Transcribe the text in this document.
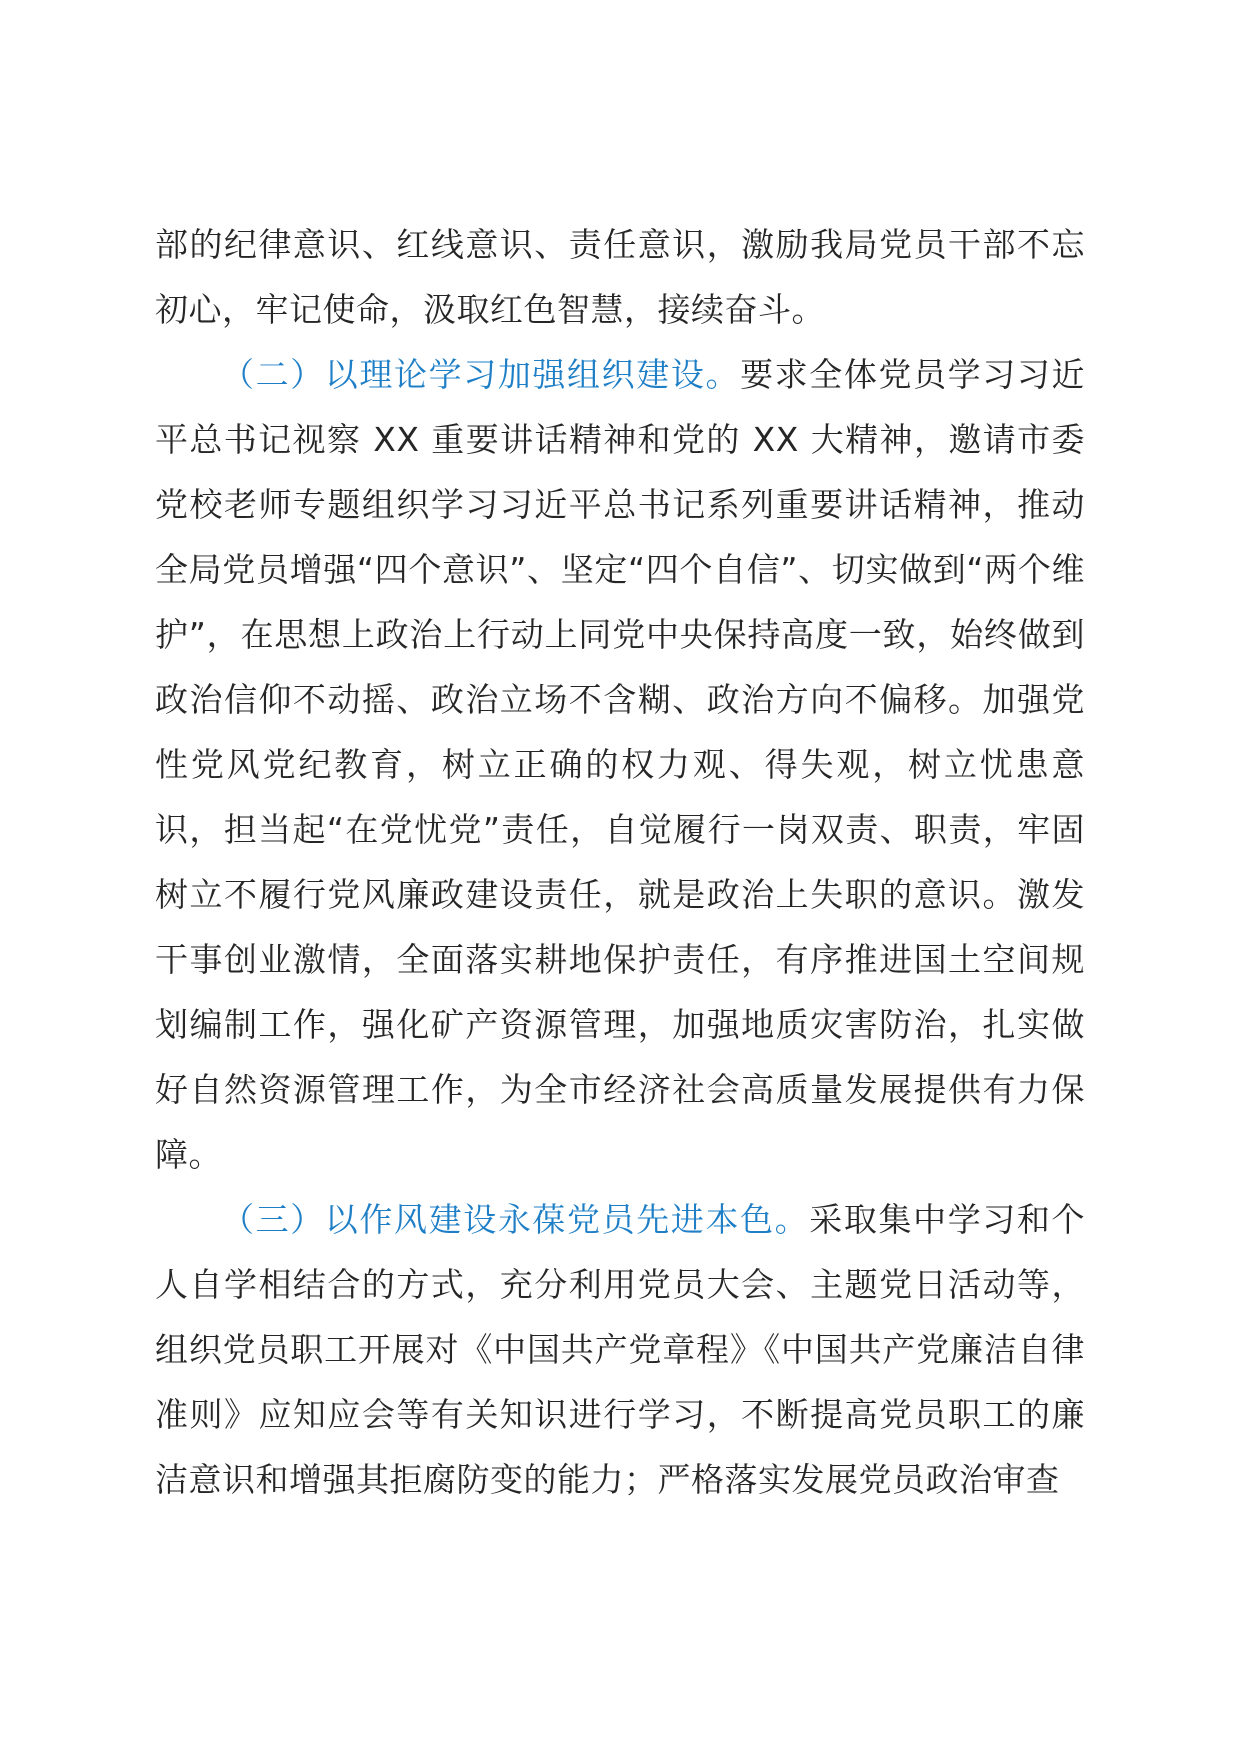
部的纪律意识、红线意识、责任意识，激励我局党员干部不忘初心，牢记使命，汲取红色智慧，接续奋斗。

（二）以理论学习加强组织建设。要求全体党员学习习近平总书记视察 XX 重要讲话精神和党的 XX 大精神，邀请市委党校老师专题组织学习习近平总书记系列重要讲话精神，推动全局党员增强“四个意识”、坚定“四个自信”、切实做到“两个维护”，在思想上政治上行动上同党中央保持高度一致，始终做到政治信仰不动摇、政治立场不含糊、政治方向不偏移。加强党性党风党纪教育，树立正确的权力观、得失观，树立忧患意识，担当起“在党忧党”责任，自觉履行一岗双责、职责，牢固树立不履行党风廉政建设责任，就是政治上失职的意识。激发干事创业激情，全面落实耕地保护责任，有序推进国土空间规划编制工作，强化矿产资源管理，加强地质灾害防治，扎实做好自然资源管理工作，为全市经济社会高质量发展提供有力保障。

（三）以作风建设永葆党员先进本色。采取集中学习和个人自学相结合的方式，充分利用党员大会、主题党日活动等，组织党员职工开展对《中国共产党章程》《中国共产党廉洁自律准则》应知应会等有关知识进行学习，不断提高党员职工的廉洁意识和增强其拒腐防变的能力；严格落实发展党员政治审查
